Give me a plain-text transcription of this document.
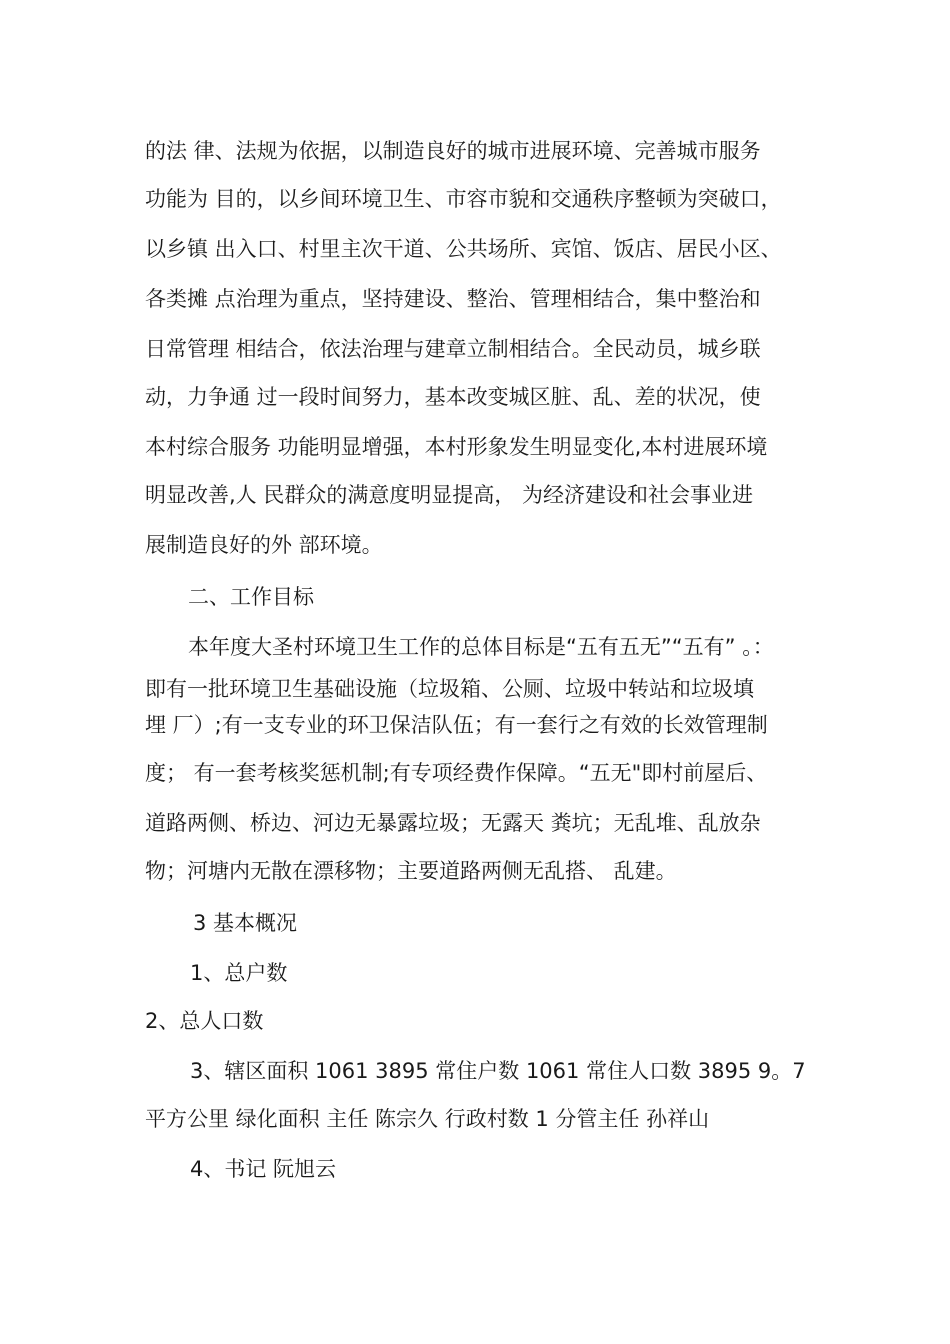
的法 律、法规为依据，以制造良好的城市进展环境、完善城市服务

功能为 目的，以乡间环境卫生、市容市貌和交通秩序整顿为突破口，

以乡镇 出入口、村里主次干道、公共场所、宾馆、饭店、居民小区、

各类摊 点治理为重点，坚持建设、整治、管理相结合，集中整治和

日常管理 相结合，依法治理与建章立制相结合。全民动员，城乡联

动，力争通 过一段时间努力，基本改变城区脏、乱、差的状况，使

本村综合服务 功能明显增强，本村形象发生明显变化,本村进展环境

明显改善,人 民群众的满意度明显提高， 为经济建设和社会事业进

展制造良好的外 部环境。

二、工作目标

本年度大圣村环境卫生工作的总体目标是“五有五无”“五有” 。：

即有一批环境卫生基础设施（垃圾箱、公厕、垃圾中转站和垃圾填

埋 厂）;有一支专业的环卫保洁队伍；有一套行之有效的长效管理制

度； 有一套考核奖惩机制;有专项经费作保障。“五无"即村前屋后、

道路两侧、桥边、河边无暴露垃圾；无露天 粪坑；无乱堆、乱放杂

物；河塘内无散在漂移物；主要道路两侧无乱搭、 乱建。

3 基本概况

1、总户数

2、总人口数

3、辖区面积 1061 3895 常住户数 1061 常住人口数 3895 9。7

平方公里 绿化面积 主任 陈宗久 行政村数 1 分管主任 孙祥山

4、书记 阮旭云
